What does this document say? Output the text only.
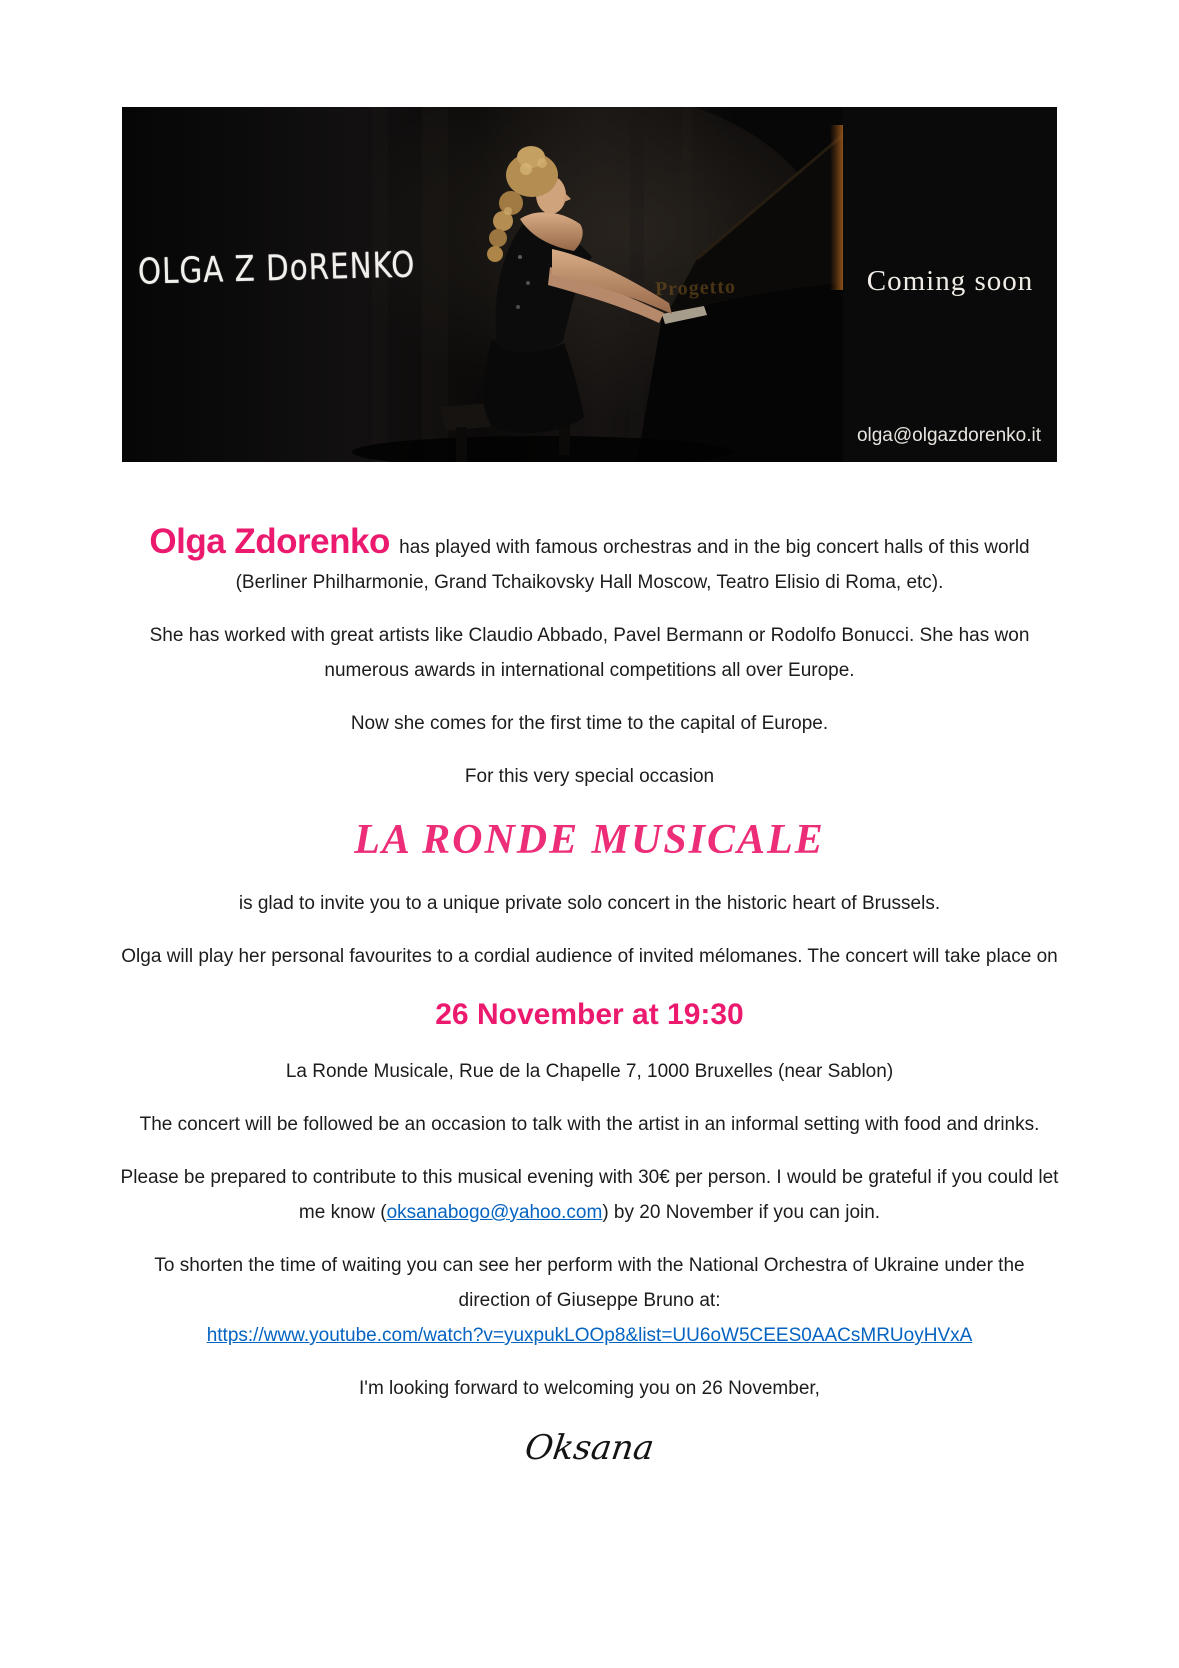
OLGA Z DoRENKO	Progetto	Coming soon
olga@olgazdorenko.it

Olga Zdorenko has played with famous orchestras and in the big concert halls of this world (Berliner Philharmonie, Grand Tchaikovsky Hall Moscow, Teatro Elisio di Roma, etc).

She has worked with great artists like Claudio Abbado, Pavel Bermann or Rodolfo Bonucci. She has won numerous awards in international competitions all over Europe.

Now she comes for the first time to the capital of Europe.

For this very special occasion

LA RONDE MUSICALE

is glad to invite you to a unique private solo concert in the historic heart of Brussels.

Olga will play her personal favourites to a cordial audience of invited mélomanes. The concert will take place on

26 November at 19:30

La Ronde Musicale, Rue de la Chapelle 7, 1000 Bruxelles (near Sablon)

The concert will be followed be an occasion to talk with the artist in an informal setting with food and drinks.

Please be prepared to contribute to this musical evening with 30€ per person. I would be grateful if you could let me know (oksanabogo@yahoo.com) by 20 November if you can join.

To shorten the time of waiting you can see her perform with the National Orchestra of Ukraine under the direction of Giuseppe Bruno at:

https://www.youtube.com/watch?v=yuxpukLOOp8&list=UU6oW5CEES0AACsMRUoyHVxA

I'm looking forward to welcoming you on 26 November,

Oksana
